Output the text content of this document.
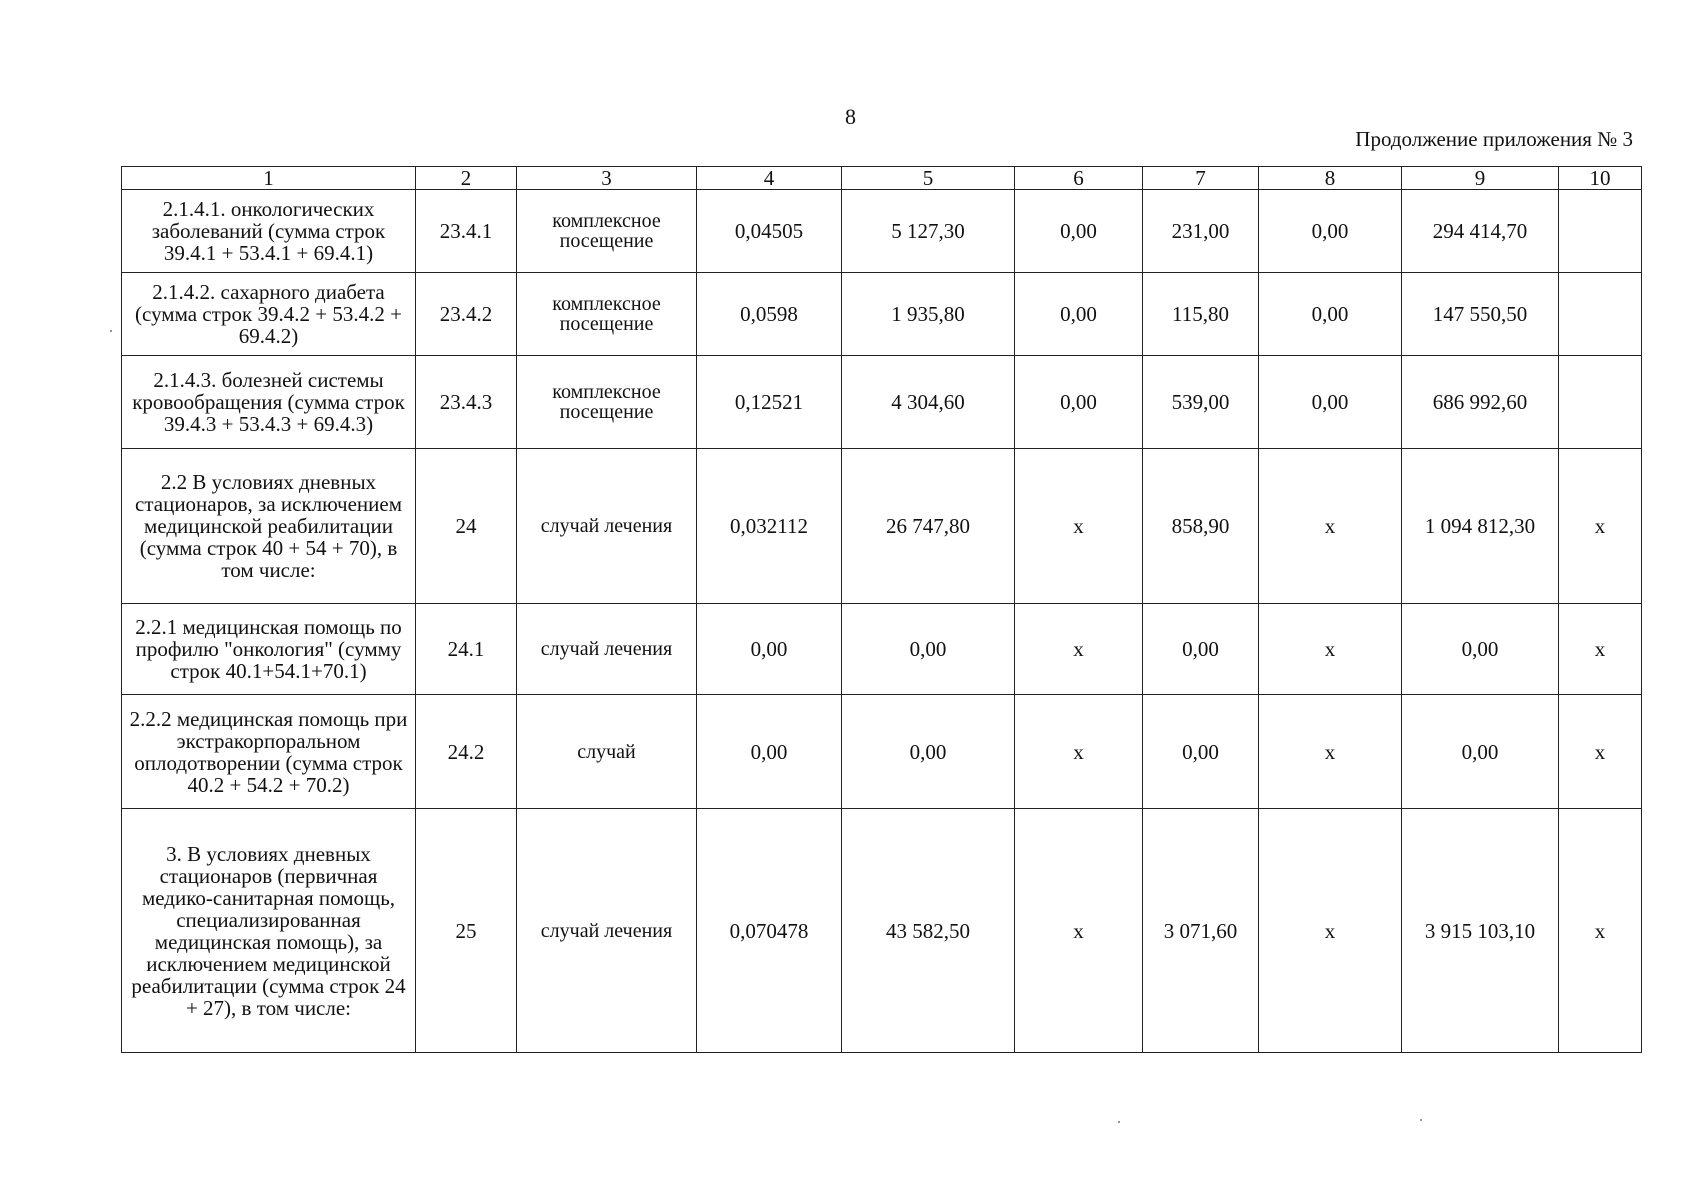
8
Продолжение приложения № 3
1	2	3	4	5	6	7	8	9	10
2.1.4.1. онкологических заболеваний (сумма строк 39.4.1 + 53.4.1 + 69.4.1)	23.4.1	комплексное посещение	0,04505	5 127,30	0,00	231,00	0,00	294 414,70	
2.1.4.2. сахарного диабета (сумма строк 39.4.2 + 53.4.2 + 69.4.2)	23.4.2	комплексное посещение	0,0598	1 935,80	0,00	115,80	0,00	147 550,50	
2.1.4.3. болезней системы кровообращения (сумма строк 39.4.3 + 53.4.3 + 69.4.3)	23.4.3	комплексное посещение	0,12521	4 304,60	0,00	539,00	0,00	686 992,60	
2.2 В условиях дневных стационаров, за исключением медицинской реабилитации (сумма строк 40 + 54 + 70), в том числе:	24	случай лечения	0,032112	26 747,80	х	858,90	х	1 094 812,30	х
2.2.1 медицинская помощь по профилю "онкология" (сумму строк 40.1+54.1+70.1)	24.1	случай лечения	0,00	0,00	х	0,00	х	0,00	х
2.2.2 медицинская помощь при экстракорпоральном оплодотворении (сумма строк 40.2 + 54.2 + 70.2)	24.2	случай	0,00	0,00	х	0,00	х	0,00	х
3. В условиях дневных стационаров (первичная медико-санитарная помощь, специализированная медицинская помощь), за исключением медицинской реабилитации (сумма строк 24 + 27), в том числе:	25	случай лечения	0,070478	43 582,50	х	3 071,60	х	3 915 103,10	х
